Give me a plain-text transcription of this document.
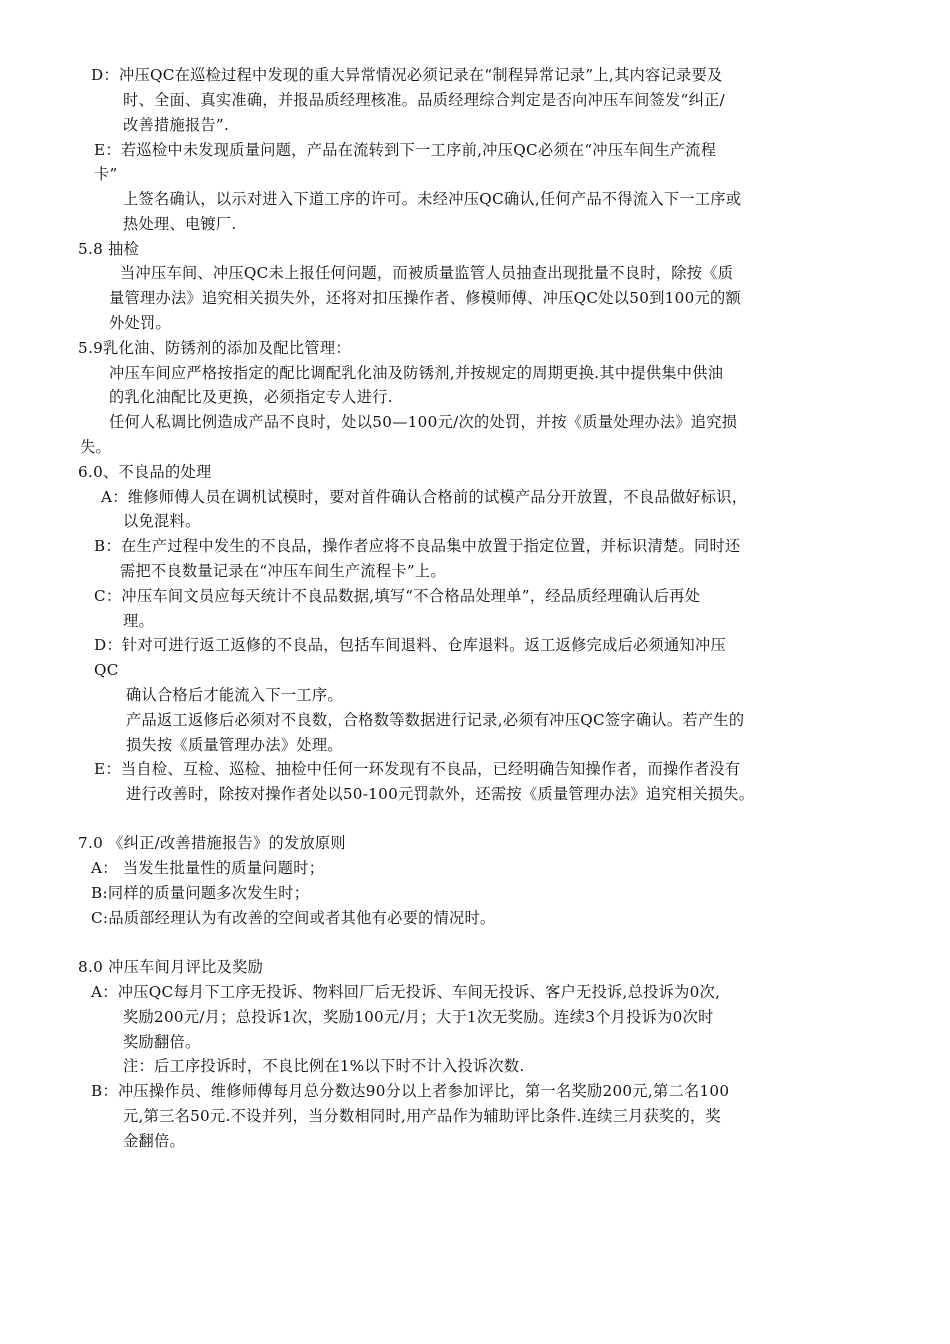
D：冲压QC在巡检过程中发现的重大异常情况必须记录在“制程异常记录”上,其内容记录要及
时、全面、真实准确，并报品质经理核准。品质经理综合判定是否向冲压车间签发“纠正/
改善措施报告”.
E：若巡检中未发现质量问题，产品在流转到下一工序前,冲压QC必须在“冲压车间生产流程
卡”
上签名确认，以示对进入下道工序的许可。未经冲压QC确认,任何产品不得流入下一工序或
热处理、电镀厂.
5.8 抽检
当冲压车间、冲压QC未上报任何问题，而被质量监管人员抽查出现批量不良时，除按《质
量管理办法》追究相关损失外，还将对扣压操作者、修模师傅、冲压QC处以50到100元的额
外处罚。
5.9乳化油、防锈剂的添加及配比管理：
冲压车间应严格按指定的配比调配乳化油及防锈剂,并按规定的周期更换.其中提供集中供油
的乳化油配比及更换，必须指定专人进行.
任何人私调比例造成产品不良时，处以50—100元/次的处罚，并按《质量处理办法》追究损
失。
6.0、不良品的处理
A：维修师傅人员在调机试模时，要对首件确认合格前的试模产品分开放置，不良品做好标识，
以免混料。
B：在生产过程中发生的不良品，操作者应将不良品集中放置于指定位置，并标识清楚。同时还
需把不良数量记录在“冲压车间生产流程卡”上。
C：冲压车间文员应每天统计不良品数据,填写“不合格品处理单”，经品质经理确认后再处
理。
D：针对可进行返工返修的不良品，包括车间退料、仓库退料。返工返修完成后必须通知冲压
QC
确认合格后才能流入下一工序。
产品返工返修后必须对不良数，合格数等数据进行记录,必须有冲压QC签字确认。若产生的
损失按《质量管理办法》处理。
E：当自检、互检、巡检、抽检中任何一环发现有不良品，已经明确告知操作者，而操作者没有
进行改善时，除按对操作者处以50-100元罚款外，还需按《质量管理办法》追究相关损失。
7.0 《纠正/改善措施报告》的发放原则
A： 当发生批量性的质量问题时；
B:同样的质量问题多次发生时；
C:品质部经理认为有改善的空间或者其他有必要的情况时。
8.0 冲压车间月评比及奖励
A：冲压QC每月下工序无投诉、物料回厂后无投诉、车间无投诉、客户无投诉,总投诉为0次,
奖励200元/月；总投诉1次，奖励100元/月；大于1次无奖励。连续3个月投诉为0次时
奖励翻倍。
注：后工序投诉时，不良比例在1%以下时不计入投诉次数.
B：冲压操作员、维修师傅每月总分数达90分以上者参加评比，第一名奖励200元,第二名100
元,第三名50元.不设并列，当分数相同时,用产品作为辅助评比条件.连续三月获奖的，奖
金翻倍。
